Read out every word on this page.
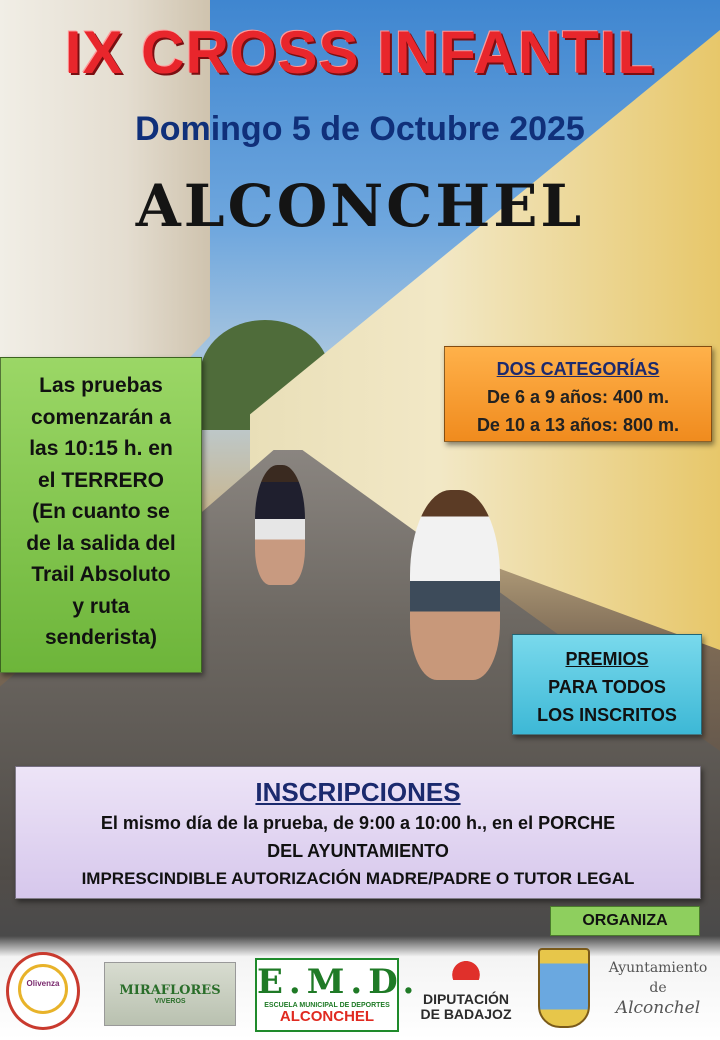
IX CROSS INFANTIL
Domingo 5 de Octubre 2025
ALCONCHEL
Las pruebas
comenzarán a
las 10:15 h. en
el TERRERO
(En cuanto se
de la salida del
Trail Absoluto
y ruta
senderista)
DOS CATEGORÍAS
De 6 a 9 años: 400 m.
De 10 a 13 años: 800 m.
PREMIOS
PARA TODOS
LOS INSCRITOS
INSCRIPCIONES
El mismo día de la prueba, de 9:00 a 10:00 h., en el PORCHE
DEL AYUNTAMIENTO
IMPRESCINDIBLE AUTORIZACIÓN MADRE/PADRE O TUTOR LEGAL
ORGANIZA
Olivenza	MIRAFLORES
VIVEROS	E.M.D.
ESCUELA MUNICIPAL DE DEPORTES
ALCONCHEL
DIPUTACIÓN
DE BADAJOZ
Ayuntamiento
de
Alconchel
